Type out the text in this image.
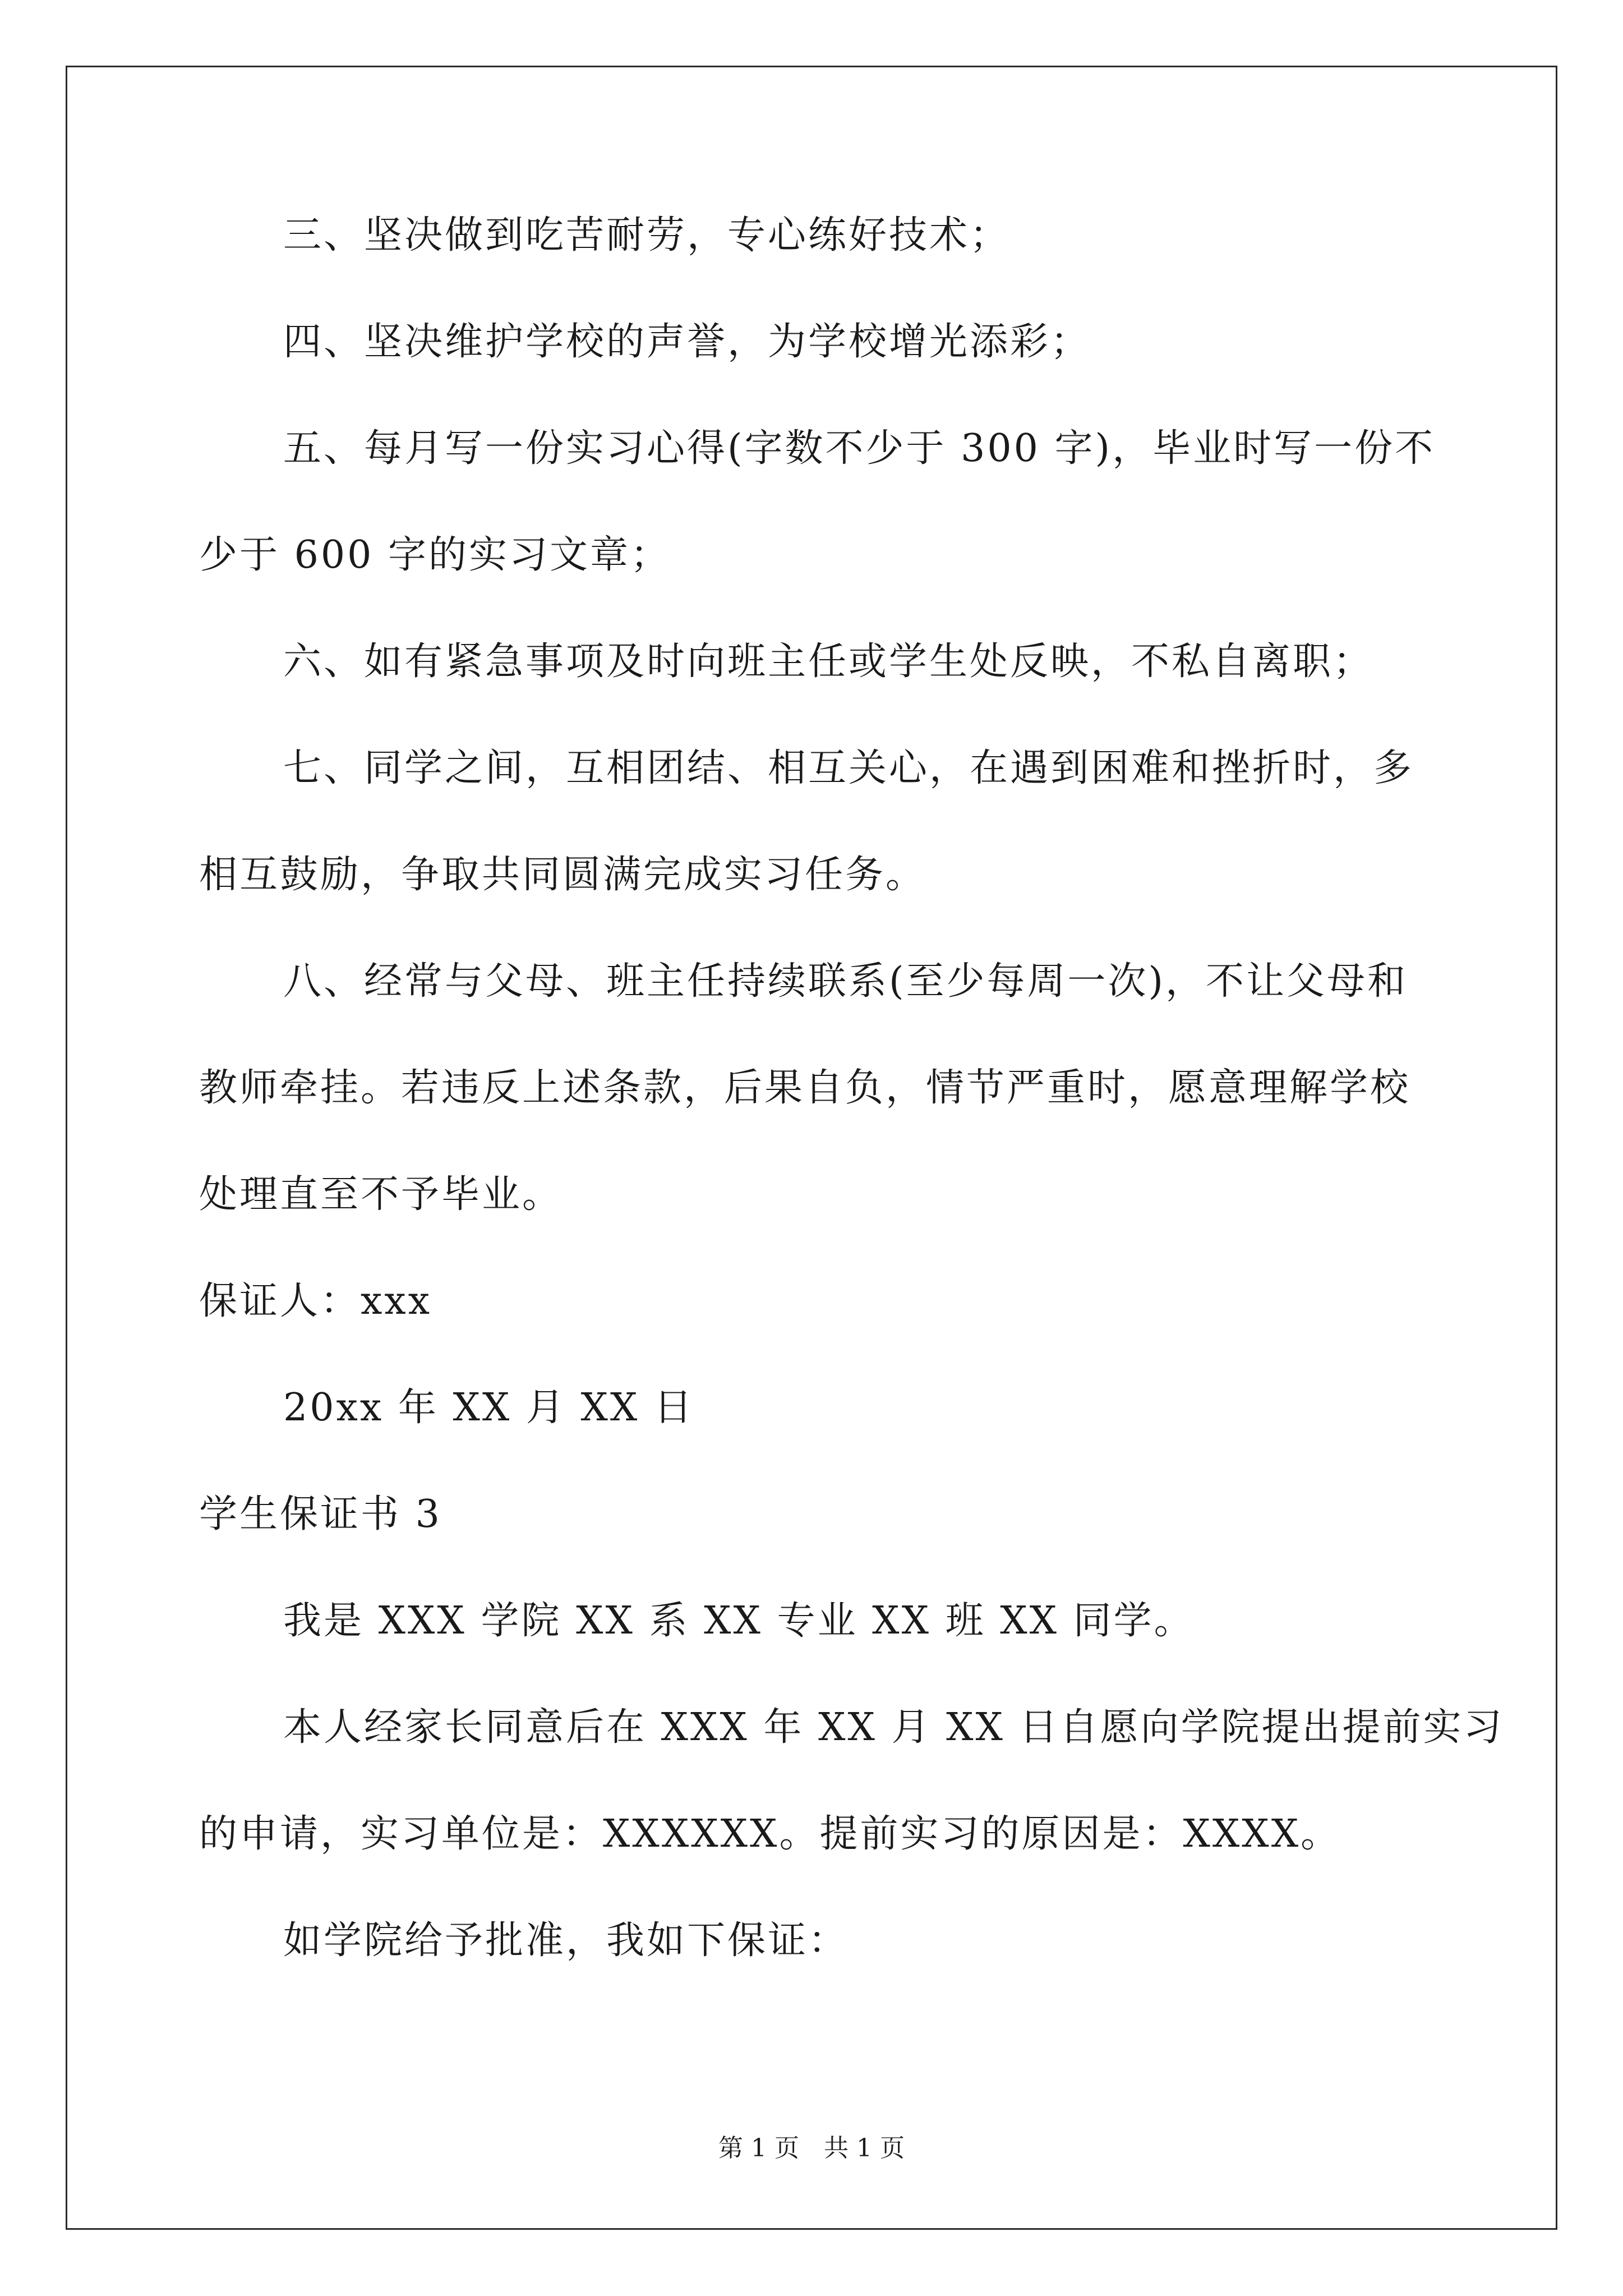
三、坚决做到吃苦耐劳，专心练好技术；
四、坚决维护学校的声誉，为学校增光添彩；
五、每月写一份实习心得(字数不少于 300 字)，毕业时写一份不
少于 600 字的实习文章；
六、如有紧急事项及时向班主任或学生处反映，不私自离职；
七、同学之间，互相团结、相互关心，在遇到困难和挫折时，多
相互鼓励，争取共同圆满完成实习任务。
八、经常与父母、班主任持续联系(至少每周一次)，不让父母和
教师牵挂。若违反上述条款，后果自负，情节严重时，愿意理解学校
处理直至不予毕业。
保证人：xxx
20xx 年 XX 月 XX 日
学生保证书 3
我是 XXX 学院 XX 系 XX 专业 XX 班 XX 同学。
本人经家长同意后在 XXX 年 XX 月 XX 日自愿向学院提出提前实习
的申请，实习单位是：XXXXXX。提前实习的原因是：XXXX。
如学院给予批准，我如下保证：
第 1 页　共 1 页
